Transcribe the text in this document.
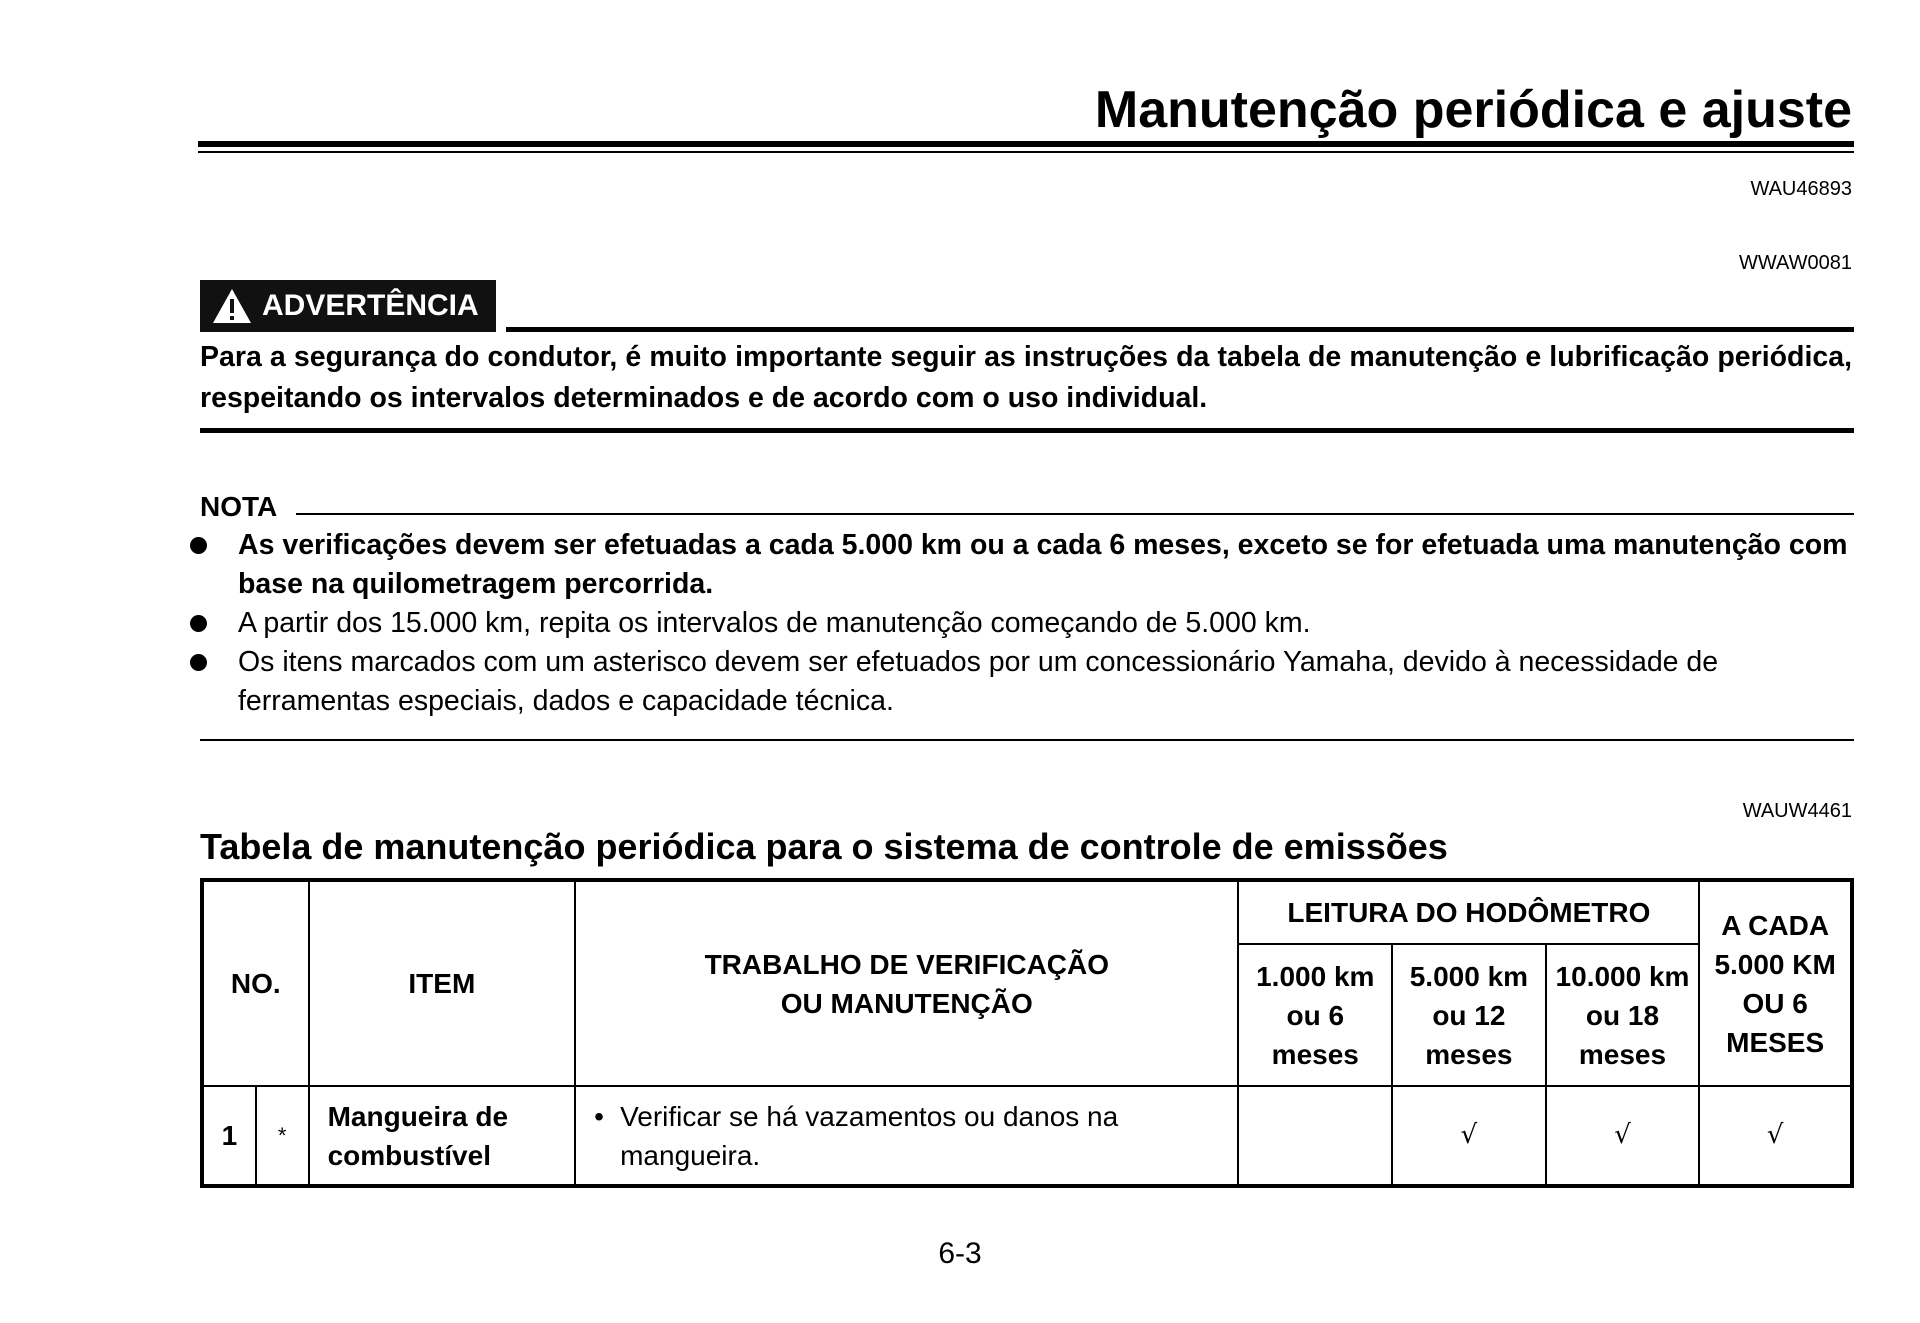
Manutenção periódica e ajuste
WAU46893
WWAW0081
ADVERTÊNCIA
Para a segurança do condutor, é muito importante seguir as instruções da tabela de manutenção e lubrificação periódica, respeitando os intervalos determinados e de acordo com o uso individual.
NOTA
As verificações devem ser efetuadas a cada 5.000 km ou a cada 6 meses, exceto se for efetuada uma manutenção com base na quilometragem percorrida.
A partir dos 15.000 km, repita os intervalos de manutenção começando de 5.000 km.
Os itens marcados com um asterisco devem ser efetuados por um concessionário Yamaha, devido à necessidade de ferramentas especiais, dados e capacidade técnica.
WAUW4461
Tabela de manutenção periódica para o sistema de controle de emissões
NO.		ITEM	TRABALHO DE VERIFICAÇÃO OU MANUTENÇÃO	LEITURA DO HODÔMETRO			A CADA 5.000 KM OU 6 MESES
				1.000 km ou 6 meses	5.000 km ou 12 meses	10.000 km ou 18 meses	
1	*	Mangueira de combustível	• Verificar se há vazamentos ou danos na mangueira.		√	√	√
6-3
